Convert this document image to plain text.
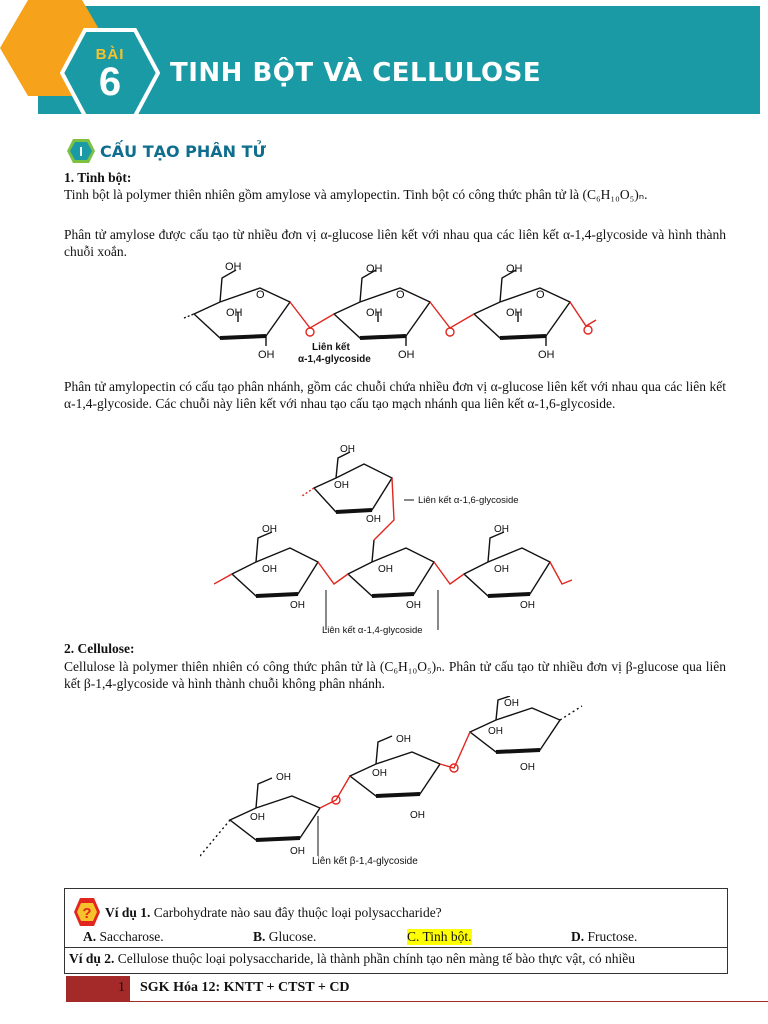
BÀI
6	TINH BỘT VÀ CELLULOSE
I CẤU TẠO PHÂN TỬ
1. Tinh bột:
Tinh bột là polymer thiên nhiên gồm amylose và amylopectin. Tinh bột có công thức phân tử là (C₆H₁₀O₅)ₙ.
Phân tử amylose được cấu tạo từ nhiều đơn vị α-glucose liên kết với nhau qua các liên kết α-1,4-glycoside và hình thành chuỗi xoắn.
OH	OH	OH
OH	OH	OH
OH	OH	OH
O	O	O
Liên kết
α-1,4-glycoside
Phân tử amylopectin có cấu tạo phân nhánh, gồm các chuỗi chứa nhiều đơn vị α-glucose liên kết với nhau qua các liên kết α-1,4-glycoside. Các chuỗi này liên kết với nhau tạo cấu tạo mạch nhánh qua liên kết α-1,6-glycoside.
OH
OH	OH
OH
OH
OH	OH	OH
OH	OH	OH
Liên kết α-1,6-glycoside
Liên kết α-1,4-glycoside
2. Cellulose:
Cellulose là polymer thiên nhiên có công thức phân tử là (C₆H₁₀O₅)ₙ. Phân tử cấu tạo từ nhiều đơn vị β-glucose qua liên kết β-1,4-glycoside và hình thành chuỗi không phân nhánh.
OH
OH
OH
OH
OH
OH
OH
OH
OH
Liên kết β-1,4-glycoside
? Ví dụ 1. Carbohydrate nào sau đây thuộc loại polysaccharide?
A. Saccharose.	B. Glucose.	C. Tinh bột.	D. Fructose.
Ví dụ 2. Cellulose thuộc loại polysaccharide, là thành phần chính tạo nên màng tế bào thực vật, có nhiều
1 SGK Hóa 12: KNTT + CTST + CD
